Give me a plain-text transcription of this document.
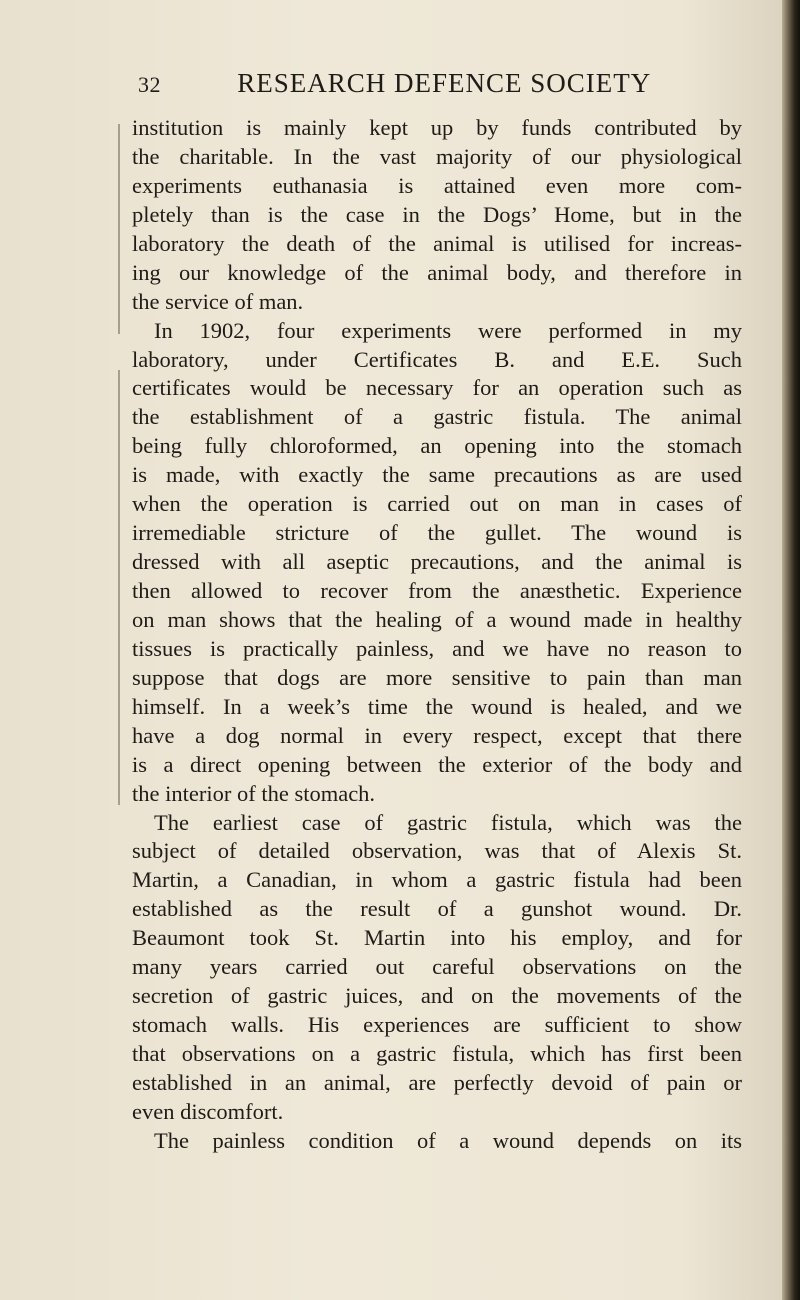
32	RESEARCH DEFENCE SOCIETY
institution is mainly kept up by funds contributed by
the charitable. In the vast majority of our physiological
experiments euthanasia is attained even more com-
pletely than is the case in the Dogs’ Home, but in the
laboratory the death of the animal is utilised for increas-
ing our knowledge of the animal body, and therefore in
the service of man.
In 1902, four experiments were performed in my
laboratory, under Certificates B. and E.E. Such
certificates would be necessary for an operation such as
the establishment of a gastric fistula. The animal
being fully chloroformed, an opening into the stomach
is made, with exactly the same precautions as are used
when the operation is carried out on man in cases of
irremediable stricture of the gullet. The wound is
dressed with all aseptic precautions, and the animal is
then allowed to recover from the anæsthetic. Experience
on man shows that the healing of a wound made in healthy
tissues is practically painless, and we have no reason to
suppose that dogs are more sensitive to pain than man
himself. In a week’s time the wound is healed, and we
have a dog normal in every respect, except that there
is a direct opening between the exterior of the body and
the interior of the stomach.
The earliest case of gastric fistula, which was the
subject of detailed observation, was that of Alexis St.
Martin, a Canadian, in whom a gastric fistula had been
established as the result of a gunshot wound. Dr.
Beaumont took St. Martin into his employ, and for
many years carried out careful observations on the
secretion of gastric juices, and on the movements of the
stomach walls. His experiences are sufficient to show
that observations on a gastric fistula, which has first been
established in an animal, are perfectly devoid of pain or
even discomfort.
The painless condition of a wound depends on its
